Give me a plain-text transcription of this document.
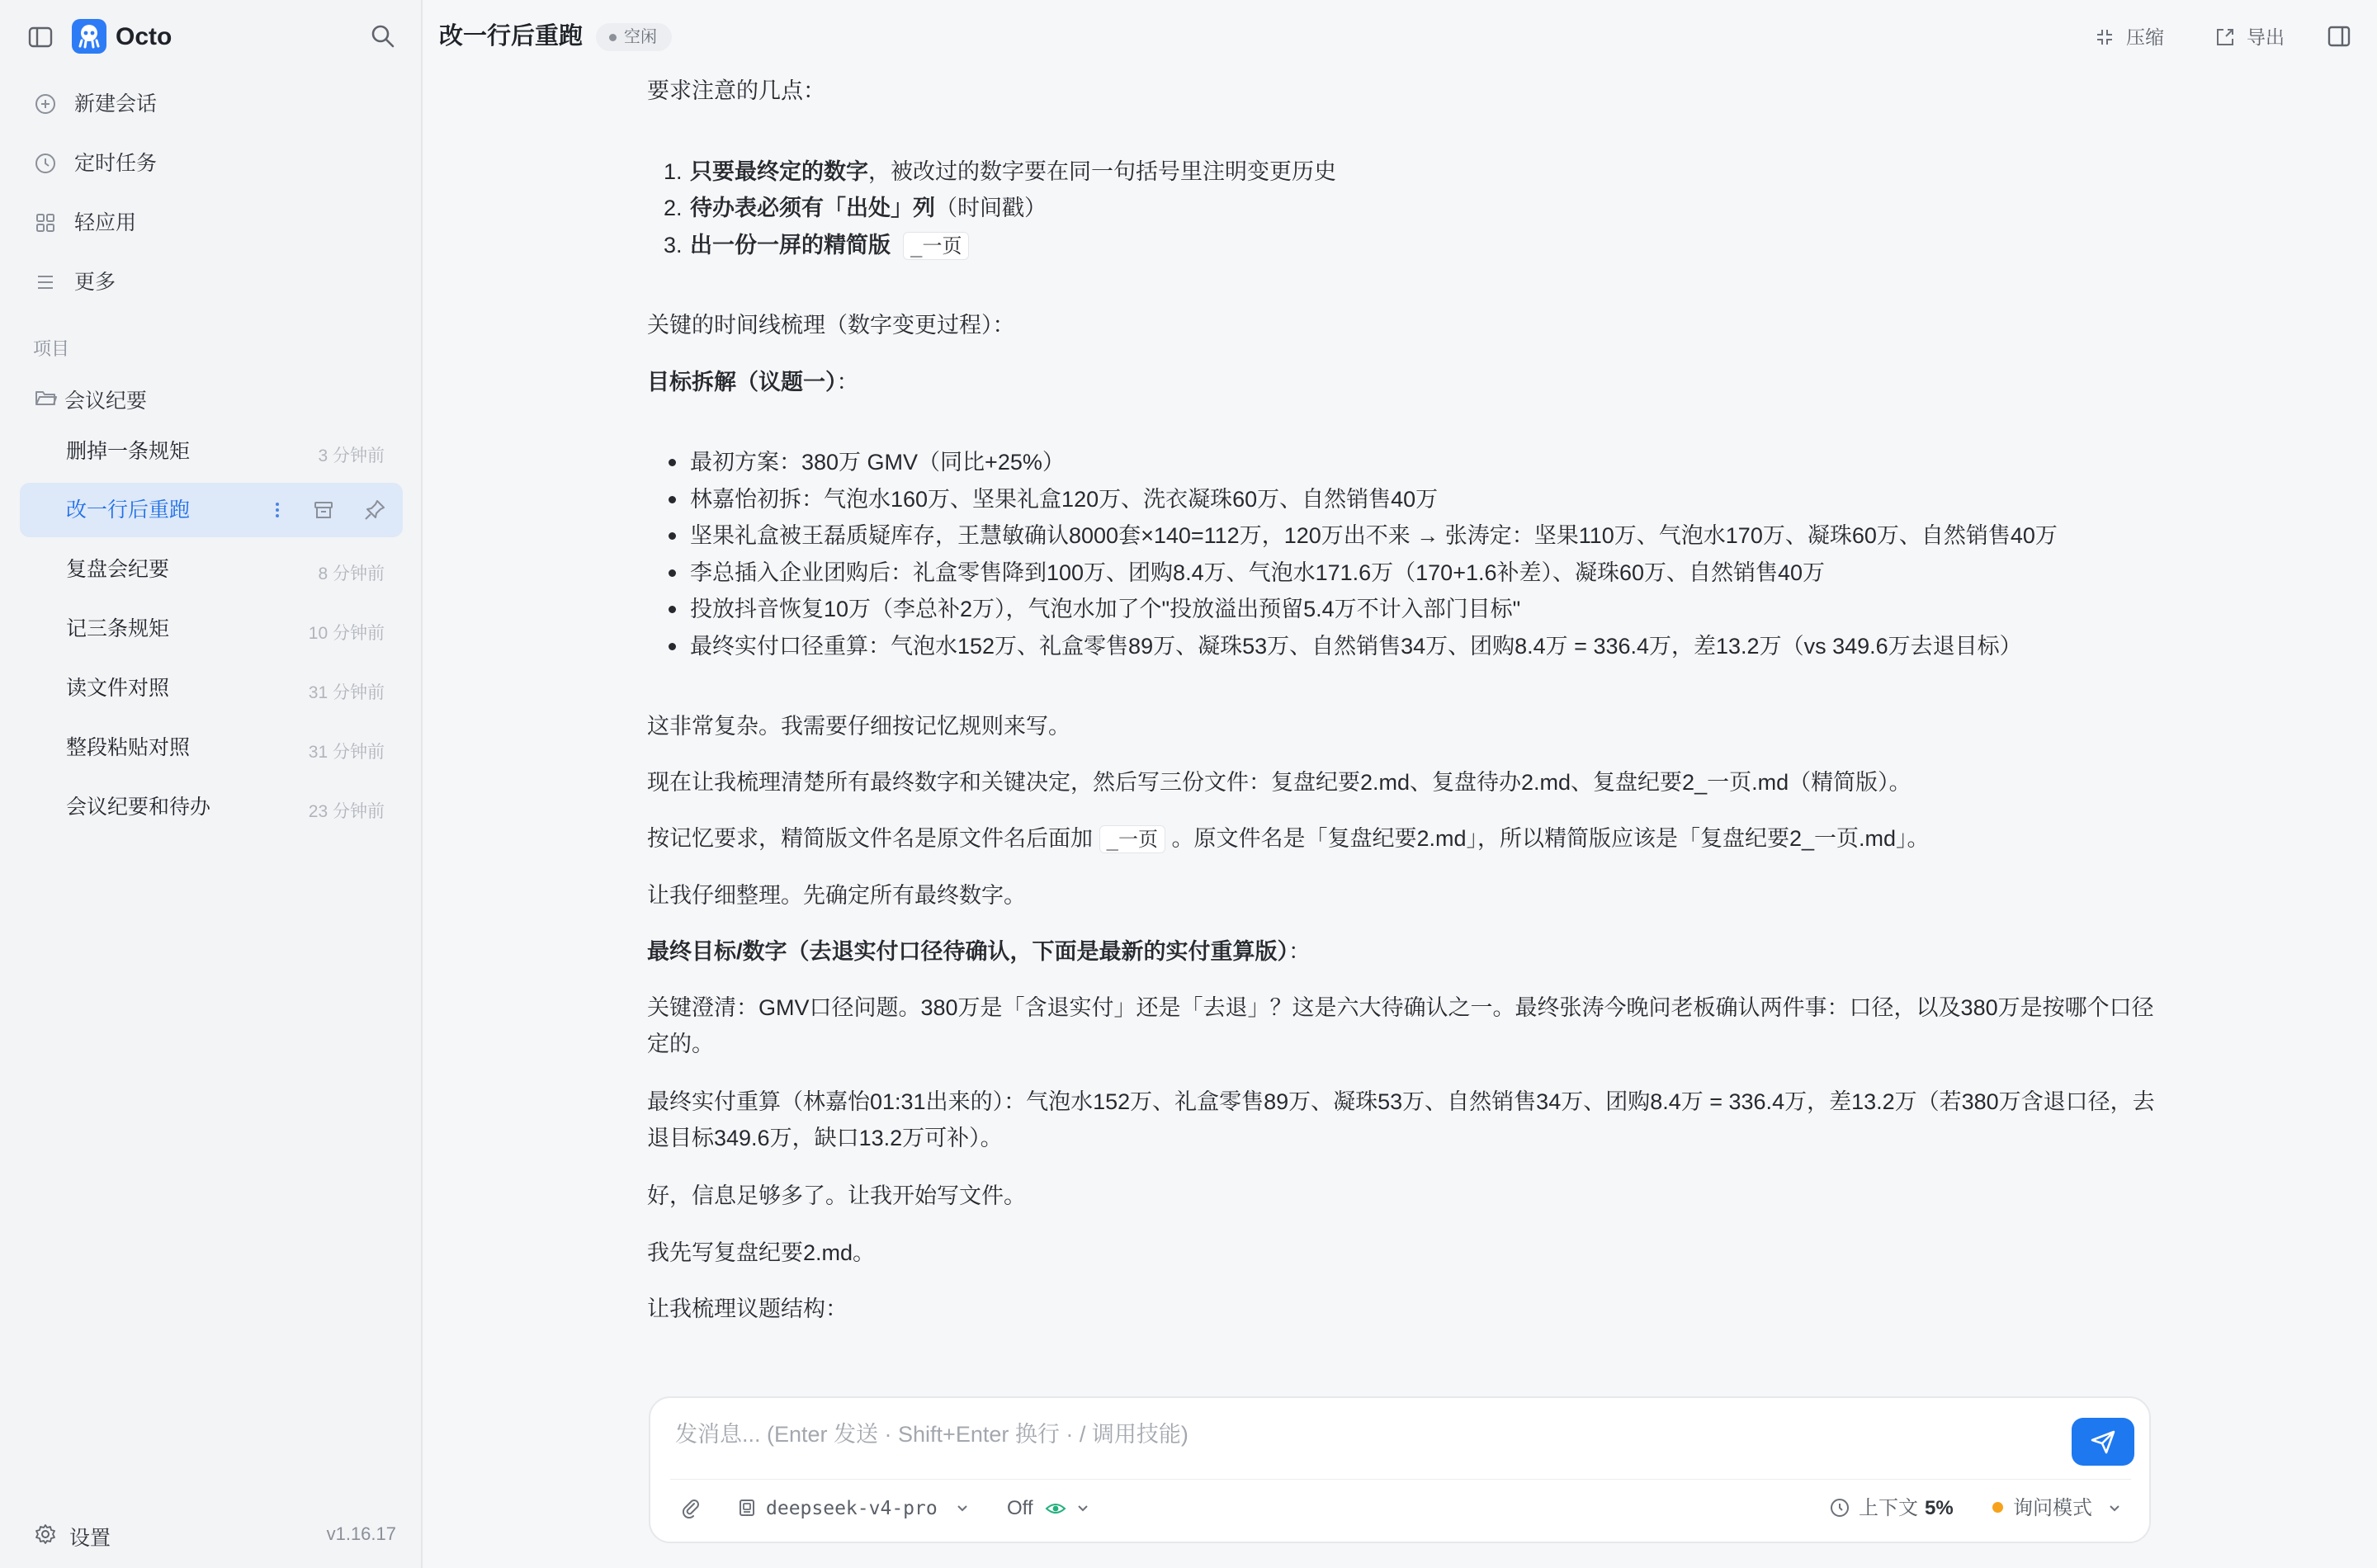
Octo
新建会话
定时任务
轻应用
更多
项目
会议纪要
删掉一条规矩	3 分钟前
改一行后重跑
复盘会纪要	8 分钟前
记三条规矩	10 分钟前
读文件对照	31 分钟前
整段粘贴对照	31 分钟前
会议纪要和待办	23 分钟前
设置	v1.16.17
改一行后重跑	空闲	压缩	导出
要求注意的几点：
1. 只要最终定的数字，被改过的数字要在同一句括号里注明变更历史
2. 待办表必须有「出处」列（时间戳）
3. 出一份一屏的精简版 _一页
关键的时间线梳理（数字变更过程）：
目标拆解（议题一）：
最初方案：380万 GMV（同比+25%）
林嘉怡初拆：气泡水160万、坚果礼盒120万、洗衣凝珠60万、自然销售40万
坚果礼盒被王磊质疑库存，王慧敏确认8000套×140=112万，120万出不来 → 张涛定：坚果110万、气泡水170万、凝珠60万、自然销售40万
李总插入企业团购后：礼盒零售降到100万、团购8.4万、气泡水171.6万（170+1.6补差）、凝珠60万、自然销售40万
投放抖音恢复10万（李总补2万），气泡水加了个"投放溢出预留5.4万不计入部门目标"
最终实付口径重算：气泡水152万、礼盒零售89万、凝珠53万、自然销售34万、团购8.4万 = 336.4万，差13.2万（vs 349.6万去退目标）
这非常复杂。我需要仔细按记忆规则来写。
现在让我梳理清楚所有最终数字和关键决定，然后写三份文件：复盘纪要2.md、复盘待办2.md、复盘纪要2_一页.md（精简版）。
按记忆要求，精简版文件名是原文件名后面加 _一页 。原文件名是「复盘纪要2.md」，所以精简版应该是「复盘纪要2_一页.md」。
让我仔细整理。先确定所有最终数字。
最终目标/数字（去退实付口径待确认，下面是最新的实付重算版）：
关键澄清：GMV口径问题。380万是「含退实付」还是「去退」？这是六大待确认之一。最终张涛今晚问老板确认两件事：口径，以及380万是按哪个口径定的。
最终实付重算（林嘉怡01:31出来的）：气泡水152万、礼盒零售89万、凝珠53万、自然销售34万、团购8.4万 = 336.4万，差13.2万（若380万含退口径，去退目标349.6万，缺口13.2万可补）。
好，信息足够多了。让我开始写文件。
我先写复盘纪要2.md。
让我梳理议题结构：
发消息... (Enter 发送 · Shift+Enter 换行 · / 调用技能)
deepseek-v4-pro	Off	上下文 5%	询问模式
